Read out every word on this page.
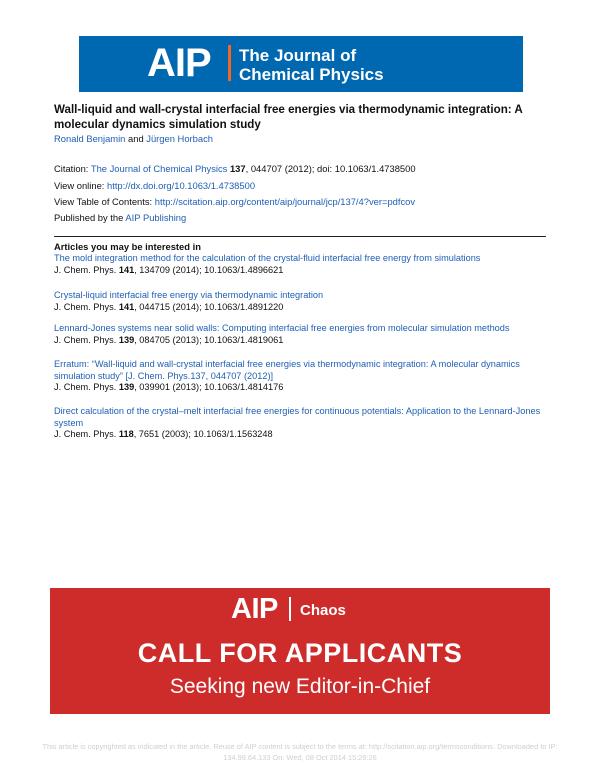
AIP The Journal of
Chemical Physics
Wall-liquid and wall-crystal interfacial free energies via thermodynamic integration: A molecular dynamics simulation study
Ronald Benjamin and Jürgen Horbach
Citation: The Journal of Chemical Physics 137, 044707 (2012); doi: 10.1063/1.4738500
View online: http://dx.doi.org/10.1063/1.4738500
View Table of Contents: http://scitation.aip.org/content/aip/journal/jcp/137/4?ver=pdfcov
Published by the AIP Publishing
Articles you may be interested in
The mold integration method for the calculation of the crystal-fluid interfacial free energy from simulations
J. Chem. Phys. 141, 134709 (2014); 10.1063/1.4896621
Crystal-liquid interfacial free energy via thermodynamic integration
J. Chem. Phys. 141, 044715 (2014); 10.1063/1.4891220
Lennard-Jones systems near solid walls: Computing interfacial free energies from molecular simulation methods
J. Chem. Phys. 139, 084705 (2013); 10.1063/1.4819061
Erratum: “Wall-liquid and wall-crystal interfacial free energies via thermodynamic integration: A molecular dynamics simulation study” [J. Chem. Phys.137, 044707 (2012)]
J. Chem. Phys. 139, 039901 (2013); 10.1063/1.4814176
Direct calculation of the crystal–melt interfacial free energies for continuous potentials: Application to the Lennard-Jones system
J. Chem. Phys. 118, 7651 (2003); 10.1063/1.1563248
AIP Chaos
CALL FOR APPLICANTS
Seeking new Editor-in-Chief
This article is copyrighted as indicated in the article. Reuse of AIP content is subject to the terms at: http://scitation.aip.org/termsconditions. Downloaded to IP:
134.99.64.133 On: Wed, 08 Oct 2014 15:29:26
